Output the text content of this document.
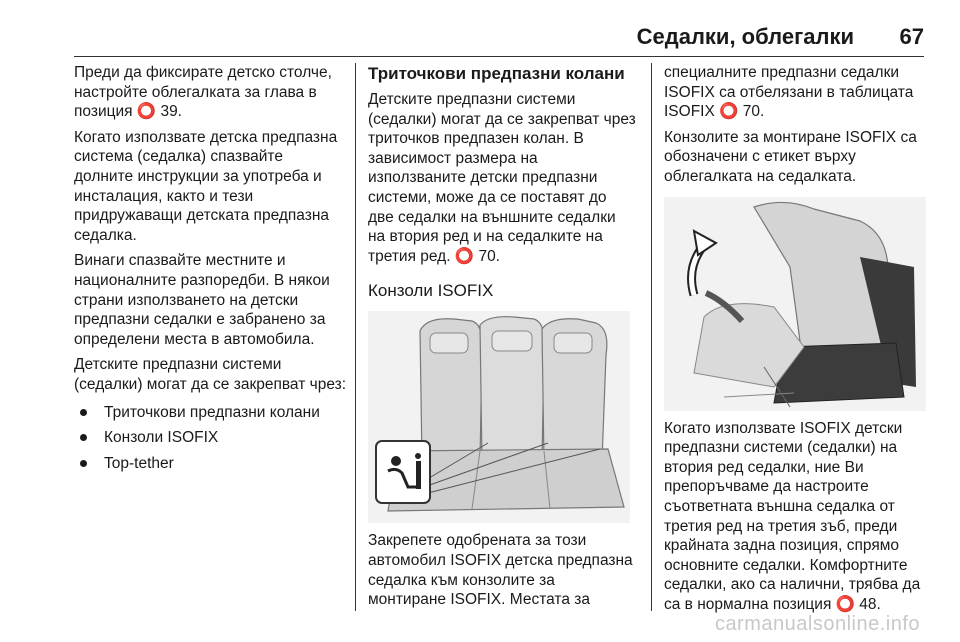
Седалки, облегалки 67

Преди да фиксирате детско столче, настройте облегалката за глава в позиция ⭕ 39.

Когато използвате детска предпазна система (седалка) спазвайте долните инструкции за употреба и инсталация, както и тези придружаващи детската предпазна седалка.

Винаги спазвайте местните и националните разпоредби. В някои страни използването на детски предпазни седалки е забранено за определени места в автомобила.

Детските предпазни системи (седалки) могат да се закрепват чрез:

Триточкови предпазни колани
Конзоли ISOFIX
Top-tether
Триточкови предпазни колани

Детските предпазни системи (седалки) могат да се закрепват чрез триточков предпазен колан. В зависимост размера на използваните детски предпазни системи, може да се поставят до две седалки на външните седалки на втория ред и на седалките на третия ред. ⭕ 70.

Конзоли ISOFIX

Закрепете одобрената за този автомобил ISOFIX детска предпазна седалка към конзолите за монтиране ISOFIX. Местата за

специалните предпазни седалки ISOFIX са отбелязани в таблицата ISOFIX ⭕ 70.

Конзолите за монтиране ISOFIX са обозначени с етикет върху облегалката на седалката.

Когато използвате ISOFIX детски предпазни системи (седалки) на втория ред седалки, ние Ви препоръчваме да настроите съответната външна седалка от третия ред на третия зъб, преди крайната задна позиция, спрямо основните седалки. Комфортните седалки, ако са налични, трябва да са в нормална позиция ⭕ 48.

carmanualsonline.info
